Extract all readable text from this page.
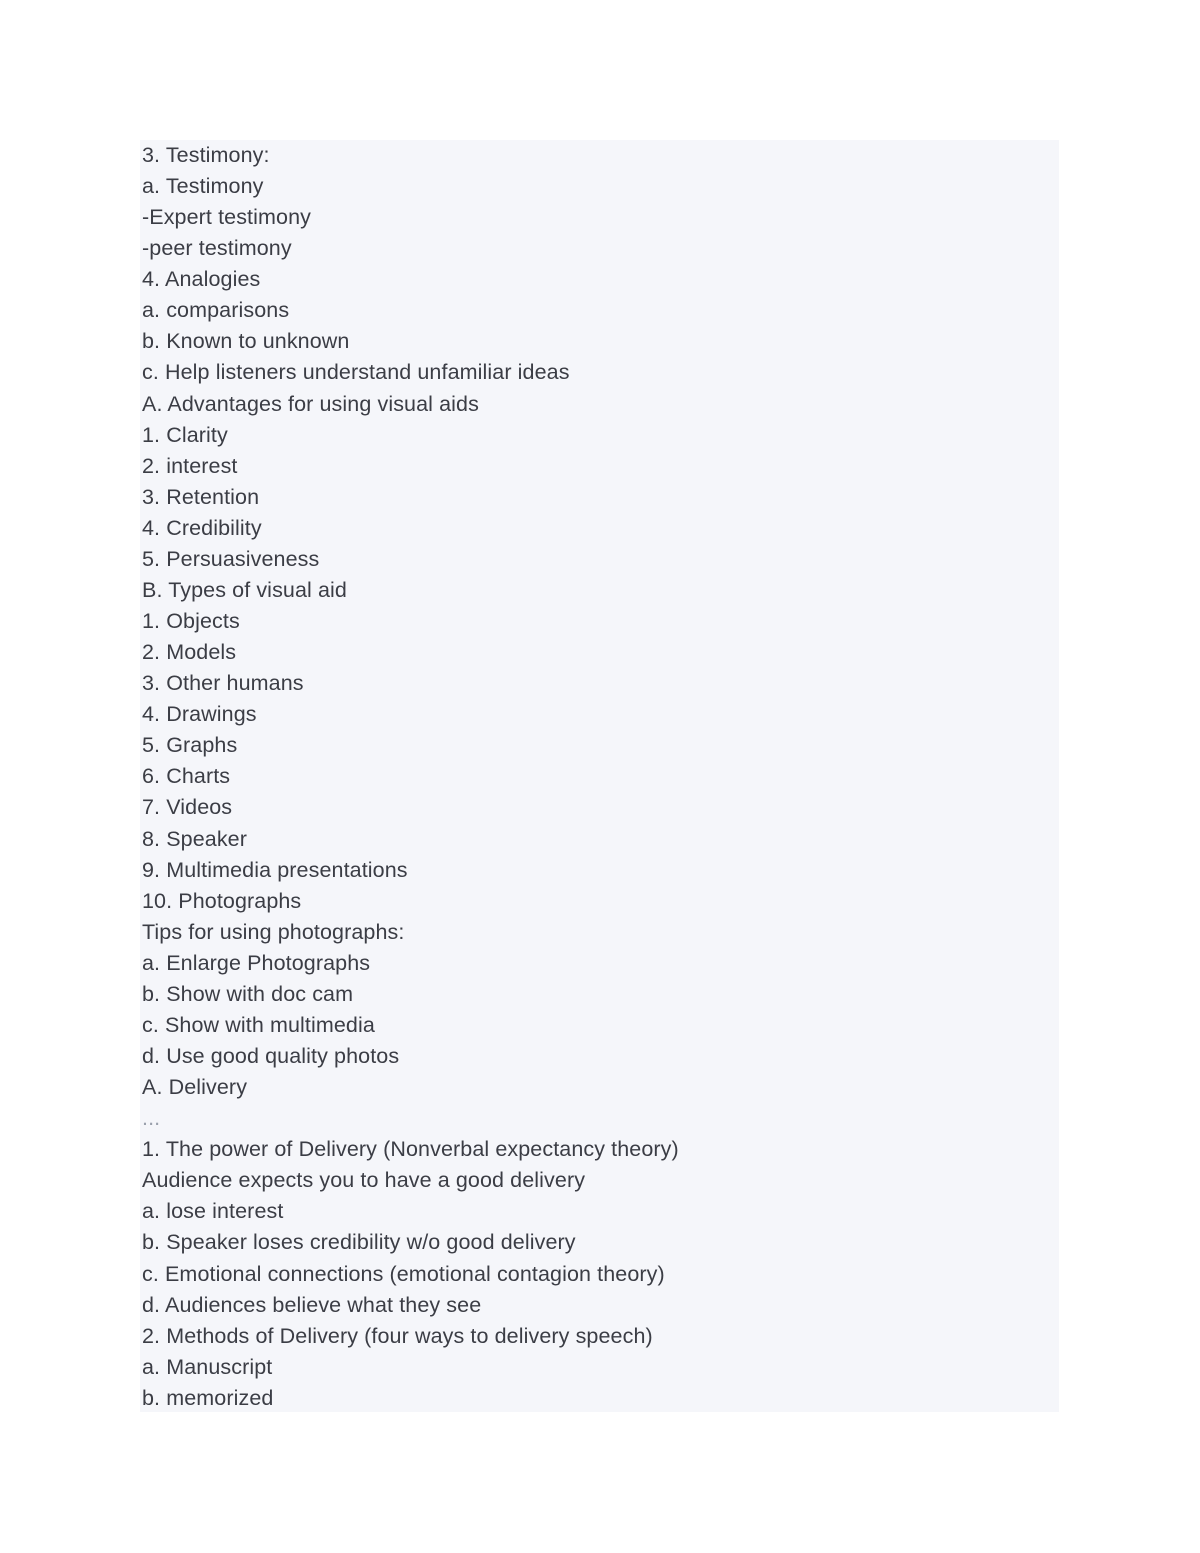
3. Testimony:
a. Testimony
-Expert testimony
-peer testimony
4. Analogies
a. comparisons
b. Known to unknown
c. Help listeners understand unfamiliar ideas
A. Advantages for using visual aids
1. Clarity
2. interest
3. Retention
4. Credibility
5. Persuasiveness
B. Types of visual aid
1. Objects
2. Models
3. Other humans
4. Drawings
5. Graphs
6. Charts
7. Videos
8. Speaker
9. Multimedia presentations
10. Photographs
Tips for using photographs:
a. Enlarge Photographs
b. Show with doc cam
c. Show with multimedia
d. Use good quality photos
A. Delivery
...
1. The power of Delivery (Nonverbal expectancy theory)
Audience expects you to have a good delivery
a. lose interest
b. Speaker loses credibility w/o good delivery
c. Emotional connections (emotional contagion theory)
d. Audiences believe what they see
2. Methods of Delivery (four ways to delivery speech)
a. Manuscript
b. memorized
